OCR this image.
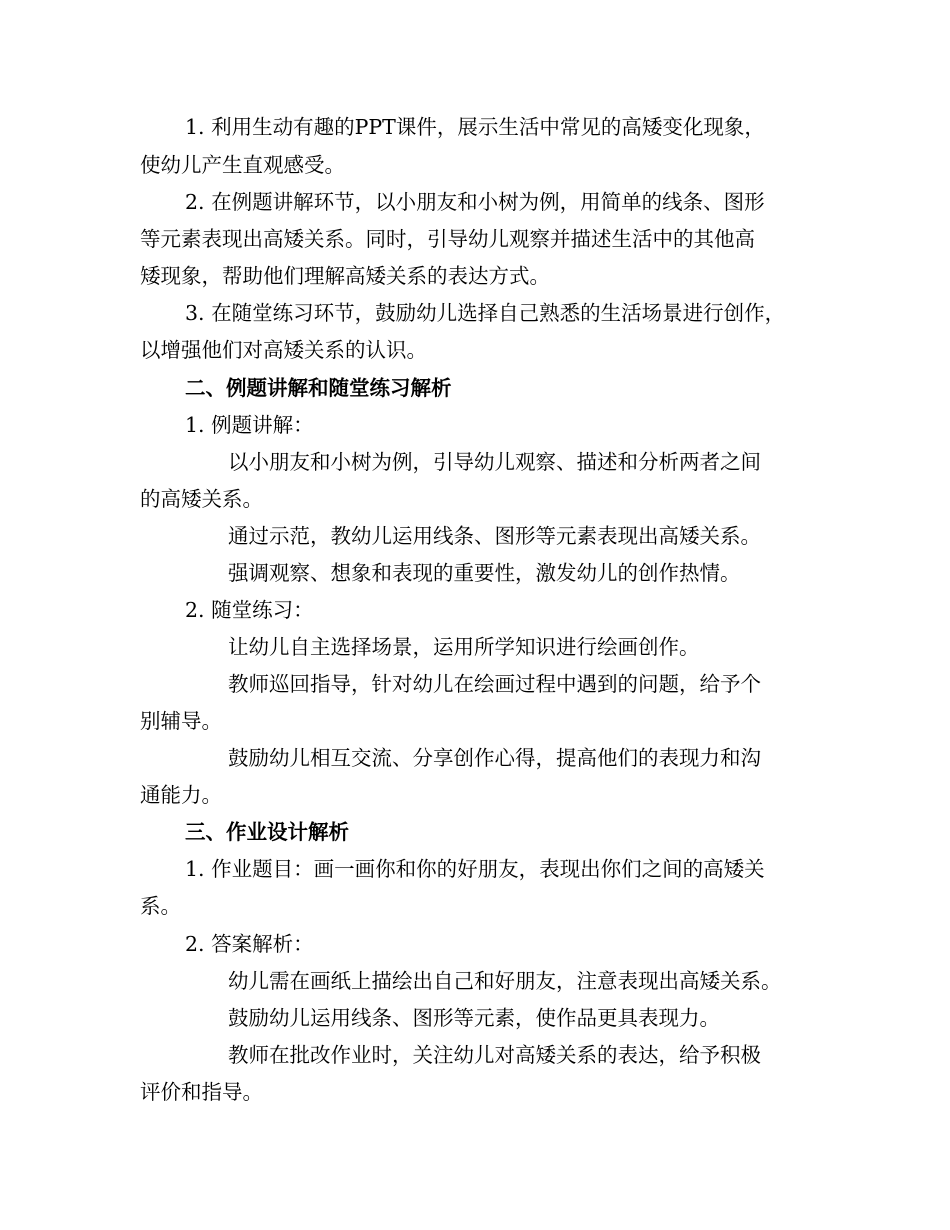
1. 利用生动有趣的PPT课件，展示生活中常见的高矮变化现象，
使幼儿产生直观感受。
2. 在例题讲解环节，以小朋友和小树为例，用简单的线条、图形
等元素表现出高矮关系。同时，引导幼儿观察并描述生活中的其他高
矮现象，帮助他们理解高矮关系的表达方式。
3. 在随堂练习环节，鼓励幼儿选择自己熟悉的生活场景进行创作，
以增强他们对高矮关系的认识。
二、例题讲解和随堂练习解析
1. 例题讲解：
以小朋友和小树为例，引导幼儿观察、描述和分析两者之间
的高矮关系。
通过示范，教幼儿运用线条、图形等元素表现出高矮关系。
强调观察、想象和表现的重要性，激发幼儿的创作热情。
2. 随堂练习：
让幼儿自主选择场景，运用所学知识进行绘画创作。
教师巡回指导，针对幼儿在绘画过程中遇到的问题，给予个
别辅导。
鼓励幼儿相互交流、分享创作心得，提高他们的表现力和沟
通能力。
三、作业设计解析
1. 作业题目：画一画你和你的好朋友，表现出你们之间的高矮关
系。
2. 答案解析：
幼儿需在画纸上描绘出自己和好朋友，注意表现出高矮关系。
鼓励幼儿运用线条、图形等元素，使作品更具表现力。
教师在批改作业时，关注幼儿对高矮关系的表达，给予积极
评价和指导。
